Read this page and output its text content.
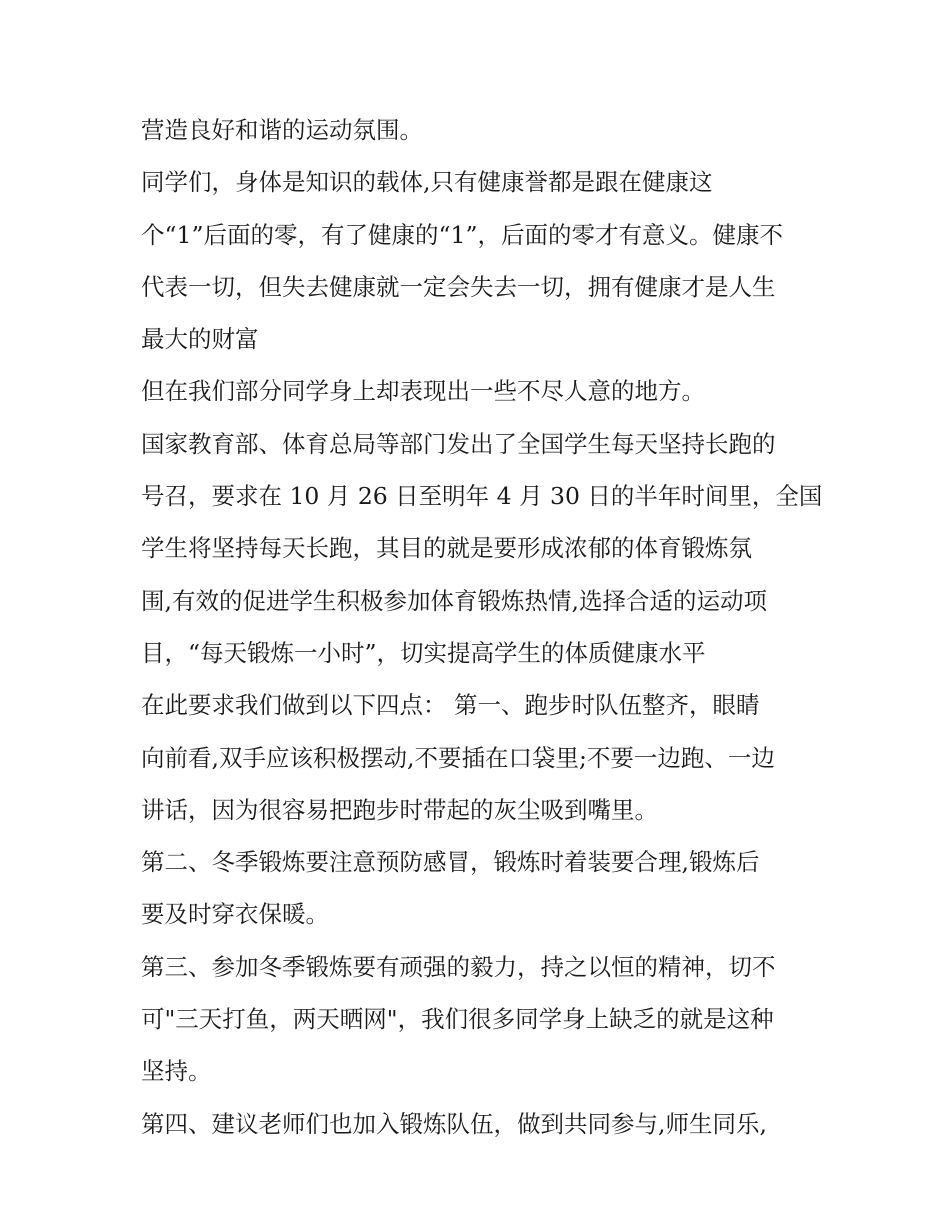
营造良好和谐的运动氛围。
同学们，身体是知识的载体,只有健康誉都是跟在健康这
个“1”后面的零，有了健康的“1”，后面的零才有意义。健康不
代表一切，但失去健康就一定会失去一切，拥有健康才是人生
最大的财富
但在我们部分同学身上却表现出一些不尽人意的地方。
国家教育部、体育总局等部门发出了全国学生每天坚持长跑的
号召，要求在 10 月 26 日至明年 4 月 30 日的半年时间里，全国
学生将坚持每天长跑，其目的就是要形成浓郁的体育锻炼氛
围,有效的促进学生积极参加体育锻炼热情,选择合适的运动项
目，“每天锻炼一小时”，切实提高学生的体质健康水平
在此要求我们做到以下四点： 第一、跑步时队伍整齐，眼睛
向前看,双手应该积极摆动,不要插在口袋里;不要一边跑、一边
讲话，因为很容易把跑步时带起的灰尘吸到嘴里。
第二、冬季锻炼要注意预防感冒，锻炼时着装要合理,锻炼后
要及时穿衣保暖。
第三、参加冬季锻炼要有顽强的毅力，持之以恒的精神，切不
可"三天打鱼，两天晒网"，我们很多同学身上缺乏的就是这种
坚持。
第四、建议老师们也加入锻炼队伍，做到共同参与,师生同乐,
